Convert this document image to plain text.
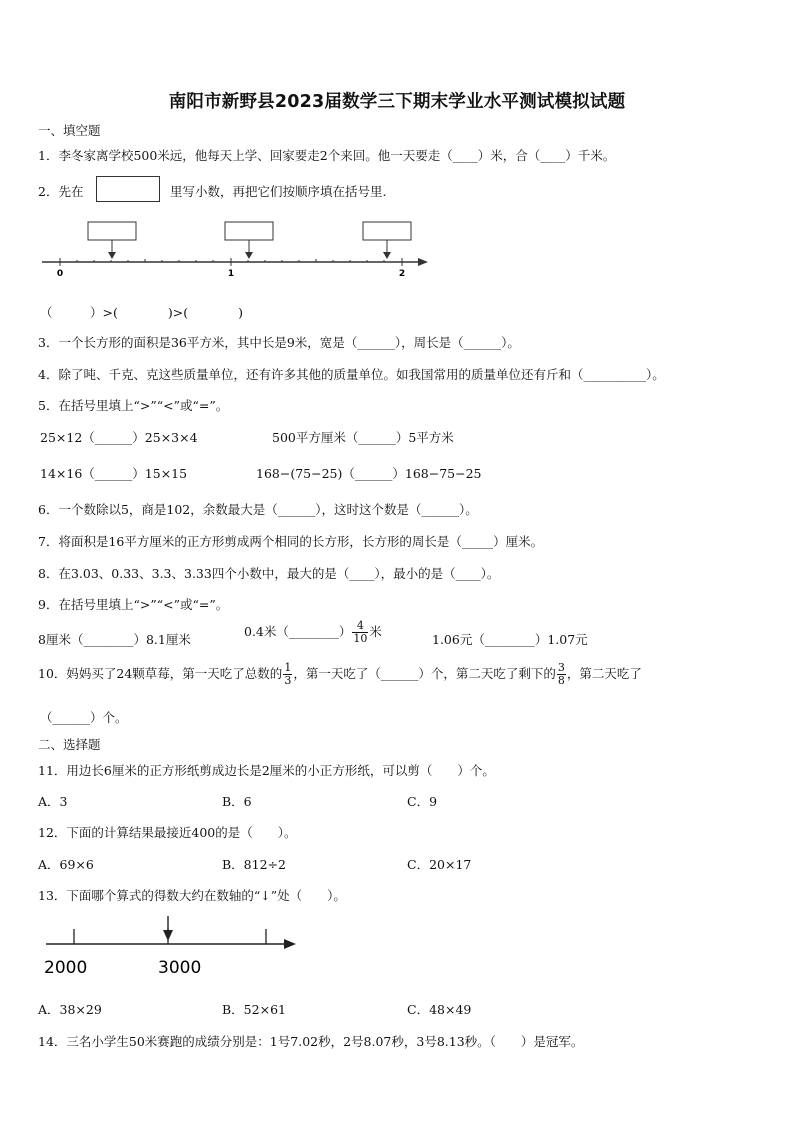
南阳市新野县2023届数学三下期末学业水平测试模拟试题
一、填空题
1．李冬家离学校500米远，他每天上学、回家要走2个来回。他一天要走（____）米，合（____）千米。
2．先在	里写小数，再把它们按顺序填在括号里.
0	1	2
（　　　）>(　　　　)>(　　　　)
3．一个长方形的面积是36平方米，其中长是9米，宽是（______），周长是（______）。
4．除了吨、千克、克这些质量单位，还有许多其他的质量单位。如我国常用的质量单位还有斤和（__________）。
5．在括号里填上“>”“<”或“=”。
25×12（______）25×3×4	500平方厘米（______）5平方米
14×16（______）15×15	168−(75−25)（______）168−75−25
6．一个数除以5，商是102，余数最大是（______），这时这个数是（______）。
7．将面积是16平方厘米的正方形剪成两个相同的长方形，长方形的周长是（_____）厘米。
8．在3.03、0.33、3.3、3.33四个小数中，最大的是（____），最小的是（____）。
9．在括号里填上“>”“<”或“=”。
8厘米（________）8.1厘米
0.4米（________） $\frac{4}{10}$ 米
1.06元（________）1.07元
10．妈妈买了24颗草莓，第一天吃了总数的 $\frac{1}{3}$ ，第一天吃了（______）个，第二天吃了剩下的 $\frac{3}{8}$ ，第二天吃了
（______）个。
二、选择题
11．用边长6厘米的正方形纸剪成边长是2厘米的小正方形纸，可以剪（　　）个。
A．3	B．6	C．9
12．下面的计算结果最接近400的是（　　）。
A．69×6	B．812÷2	C．20×17
13．下面哪个算式的得数大约在数轴的“↓”处（　　）。
2000	3000
A．38×29	B．52×61	C．48×49
14．三名小学生50米赛跑的成绩分别是：1号7.02秒，2号8.07秒，3号8.13秒。（　　）是冠军。
